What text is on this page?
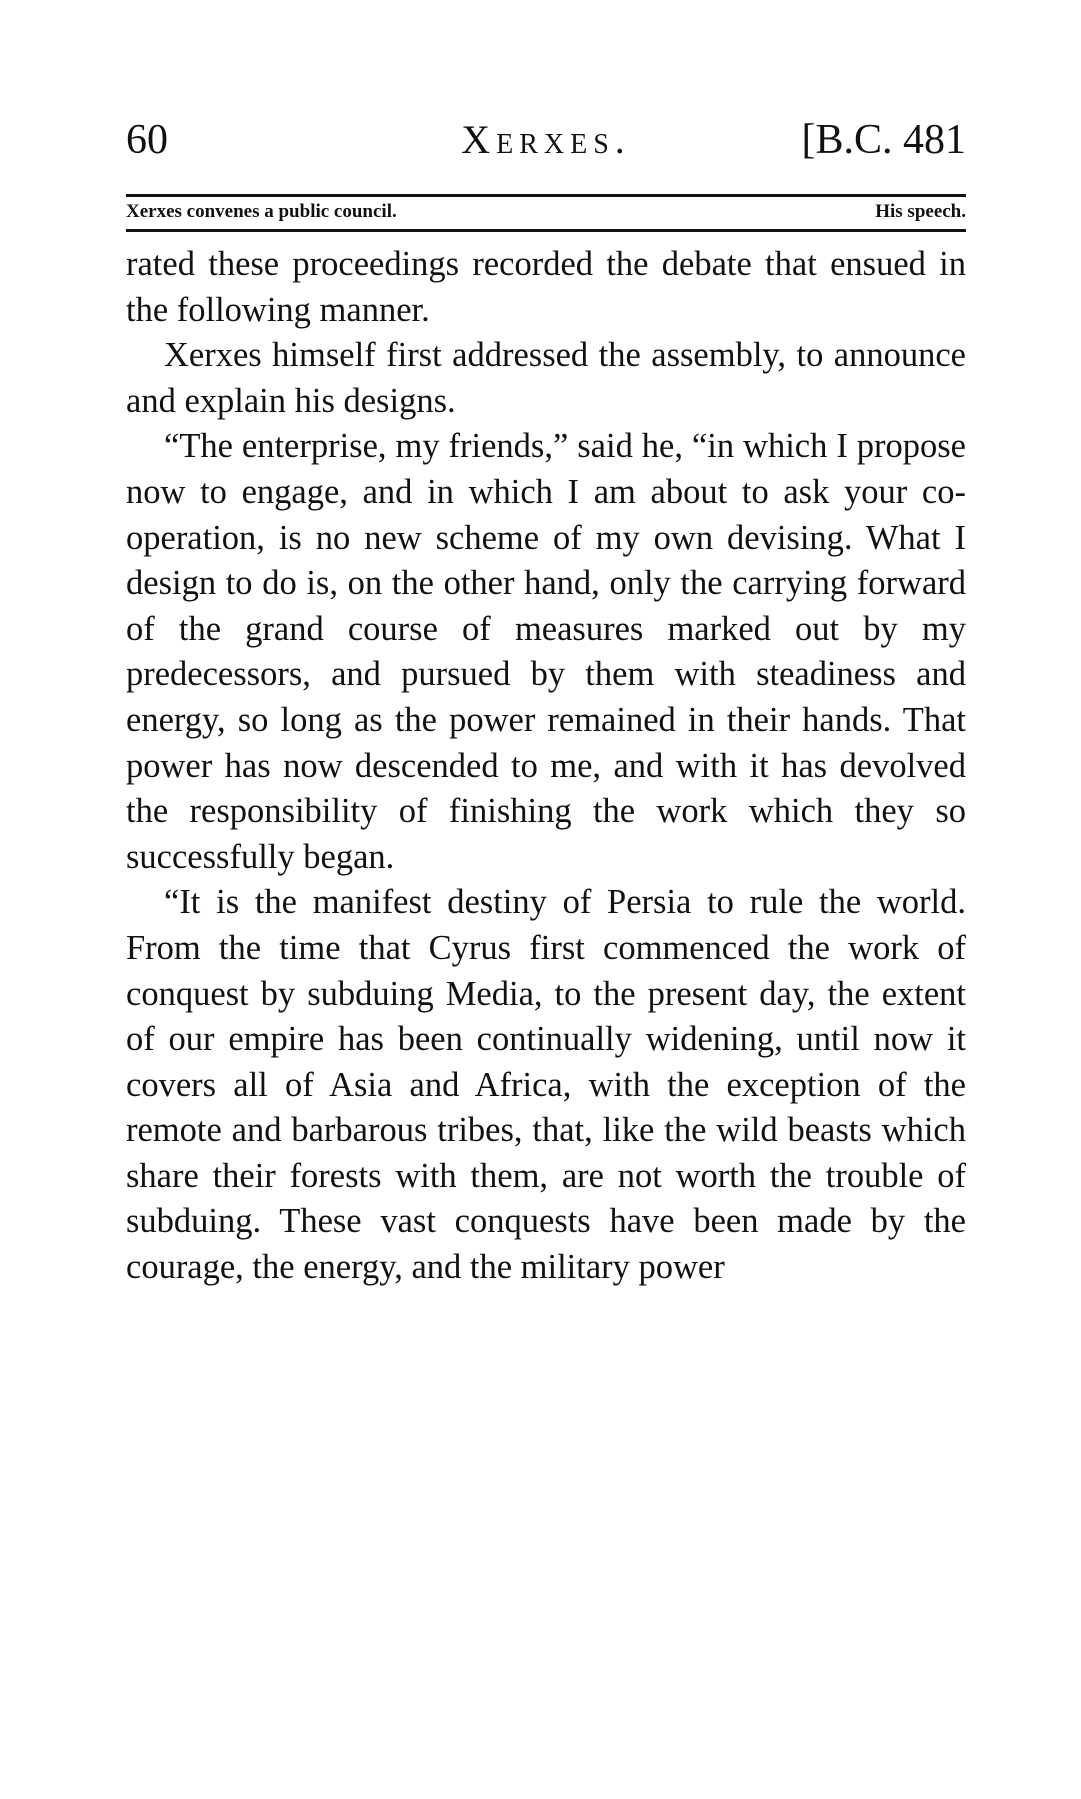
60	Xerxes.	[B.C. 481
Xerxes convenes a public council.	His speech.

rated these proceedings recorded the debate that ensued in the following manner.

Xerxes himself first addressed the assembly, to announce and explain his designs.

“The enterprise, my friends,” said he, “in which I propose now to engage, and in which I am about to ask your co-operation, is no new scheme of my own devising. What I design to do is, on the other hand, only the carrying forward of the grand course of measures marked out by my predecessors, and pursued by them with steadiness and energy, so long as the power remained in their hands. That power has now descended to me, and with it has devolved the responsibility of finishing the work which they so successfully began.

“It is the manifest destiny of Persia to rule the world. From the time that Cyrus first commenced the work of conquest by subduing Media, to the present day, the extent of our empire has been continually widening, until now it covers all of Asia and Africa, with the exception of the remote and barbarous tribes, that, like the wild beasts which share their forests with them, are not worth the trouble of subduing. These vast conquests have been made by the courage, the energy, and the military power
